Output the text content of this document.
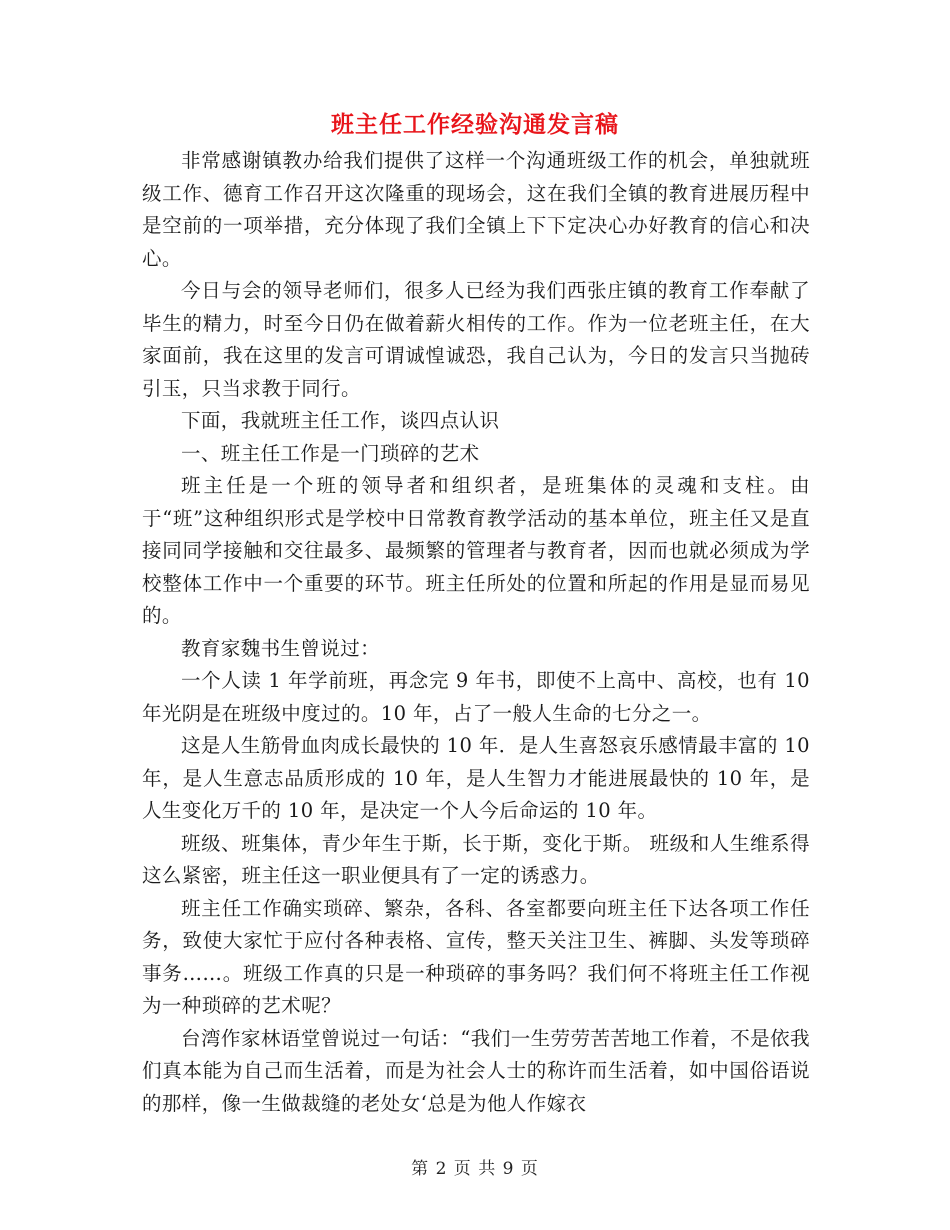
班主任工作经验沟通发言稿

非常感谢镇教办给我们提供了这样一个沟通班级工作的机会，单独就班级工作、德育工作召开这次隆重的现场会，这在我们全镇的教育进展历程中是空前的一项举措，充分体现了我们全镇上下下定决心办好教育的信心和决心。

今日与会的领导老师们，很多人已经为我们西张庄镇的教育工作奉献了毕生的精力，时至今日仍在做着薪火相传的工作。作为一位老班主任，在大家面前，我在这里的发言可谓诚惶诚恐，我自己认为，今日的发言只当抛砖引玉，只当求教于同行。

下面，我就班主任工作，谈四点认识

一、班主任工作是一门琐碎的艺术

班主任是一个班的领导者和组织者，是班集体的灵魂和支柱。由于“班”这种组织形式是学校中日常教育教学活动的基本单位，班主任又是直接同同学接触和交往最多、最频繁的管理者与教育者，因而也就必须成为学校整体工作中一个重要的环节。班主任所处的位置和所起的作用是显而易见的。

教育家魏书生曾说过：

一个人读 1 年学前班，再念完 9 年书，即使不上高中、高校，也有 10 年光阴是在班级中度过的。10 年，占了一般人生命的七分之一。

这是人生筋骨血肉成长最快的 10 年．是人生喜怒哀乐感情最丰富的 10 年，是人生意志品质形成的 10 年，是人生智力才能进展最快的 10 年，是人生变化万千的 10 年，是决定一个人今后命运的 10 年。

班级、班集体，青少年生于斯，长于斯，变化于斯。 班级和人生维系得这么紧密，班主任这一职业便具有了一定的诱惑力。

班主任工作确实琐碎、繁杂，各科、各室都要向班主任下达各项工作任务，致使大家忙于应付各种表格、宣传，整天关注卫生、裤脚、头发等琐碎事务……。班级工作真的只是一种琐碎的事务吗？我们何不将班主任工作视为一种琐碎的艺术呢？

台湾作家林语堂曾说过一句话：“我们一生劳劳苦苦地工作着，不是依我们真本能为自己而生活着，而是为社会人士的称许而生活着，如中国俗语说的那样，像一生做裁缝的老处女‘总是为他人作嫁衣

第 2 页 共 9 页
